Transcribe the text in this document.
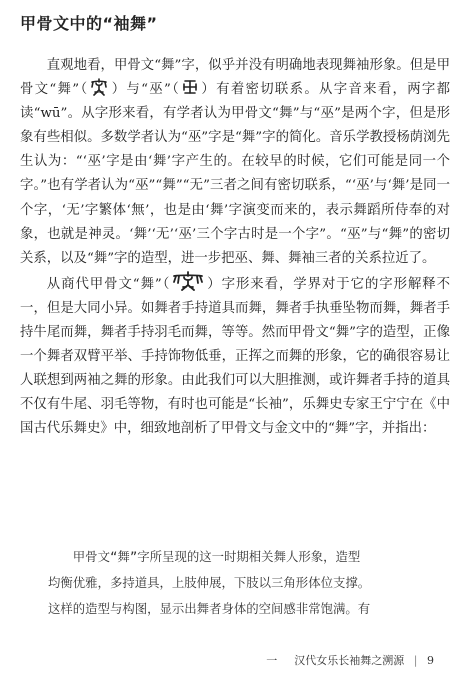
甲骨文中的“袖舞”

直观地看，甲骨文“舞”字，似乎并没有明确地表现舞袖形象。但是甲骨文“舞”（ ）与“巫”（ ）有着密切联系。从字音来看，两字都读“wū”。从字形来看，有学者认为甲骨文“舞”与“巫”是两个字，但是形象有些相似。多数学者认为“巫”字是“舞”字的简化。音乐学教授杨荫浏先生认为：“‘巫’字是由‘舞’字产生的。在较早的时候，它们可能是同一个字。”也有学者认为“巫”“舞”“无”三者之间有密切联系，“‘巫’与‘舞’是同一个字，‘无’字繁体‘無’，也是由‘舞’字演变而来的，表示舞蹈所侍奉的对象，也就是神灵。‘舞’‘无’‘巫’三个字古时是一个字”。“巫”与“舞”的密切关系，以及“舞”字的造型，进一步把巫、舞、舞袖三者的关系拉近了。

从商代甲骨文“舞”（	）字形来看，学界对于它的字形解释不一，但是大同小异。如舞者手持道具而舞，舞者手执垂坠物而舞，舞者手持牛尾而舞，舞者手持羽毛而舞，等等。然而甲骨文“舞”字的造型，正像一个舞者双臂平举、手持饰物低垂，正挥之而舞的形象，它的确很容易让人联想到两袖之舞的形象。由此我们可以大胆推测，或许舞者手持的道具不仅有牛尾、羽毛等物，有时也可能是“长袖”，乐舞史专家王宁宁在《中国古代乐舞史》中，细致地剖析了甲骨文与金文中的“舞”字，并指出：

甲骨文“舞”字所呈现的这一时期相关舞人形象，造型

均衡优雅，多持道具，上肢伸展，下肢以三角形体位支撑。
这样的造型与构图，显示出舞者身体的空间感非常饱满。有
一 汉代女乐长袖舞之溯源 | 9
